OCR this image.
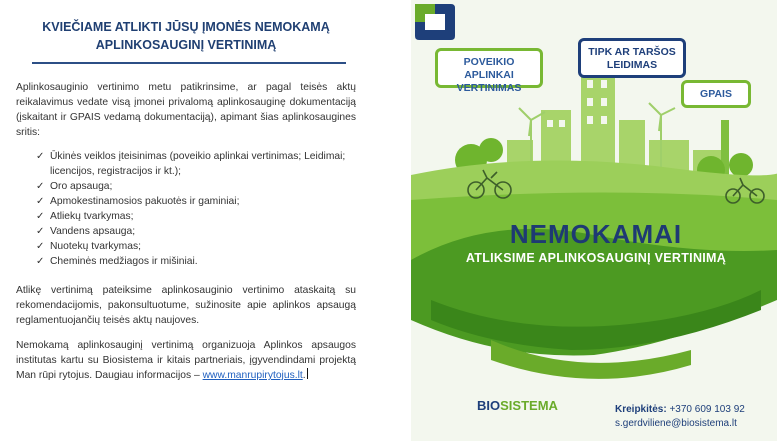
KVIEČIAME ATLIKTI JŪSŲ ĮMONĖS NEMOKAMĄ APLINKOSAUGINĮ VERTINIMĄ

Aplinkosauginio vertinimo metu patikrinsime, ar pagal teisės aktų reikalavimus vedate visą įmonei privalomą aplinkosauginę dokumentaciją (įskaitant ir GPAIS vedamą dokumentaciją), apimant šias aplinkosaugines sritis:

✓ Ūkinės veiklos įteisinimas (poveikio aplinkai vertinimas; Leidimai; licencijos, registracijos ir kt.);
✓ Oro apsauga;
✓ Apmokestinamosios pakuotės ir gaminiai;
✓ Atliekų tvarkymas;
✓ Vandens apsauga;
✓ Nuotekų tvarkymas;
✓ Cheminės medžiagos ir mišiniai.

Atlikę vertinimą pateiksime aplinkosauginio vertinimo ataskaitą su rekomendacijomis, pakonsultuotume, sužinosite apie aplinkos apsaugą reglamentuojančių teisės aktų naujoves.

Nemokamą aplinkosauginį vertinimą organizuoja Aplinkos apsaugos institutas kartu su Biosistema ir kitais partneriais, įgyvendindami projektą Man rūpi rytojus. Daugiau informacijos – www.manrupirytojus.lt.

POVEIKIO APLINKAI VERTINIMAS
TIPK AR TARŠOS LEIDIMAS
GPAIS
NEMOKAMAI
ATLIKSIME APLINKOSAUGINĮ VERTINIMĄ
BIOSISTEMA	Kreipkitės: +370 609 103 92
s.gerdviliene@biosistema.lt
